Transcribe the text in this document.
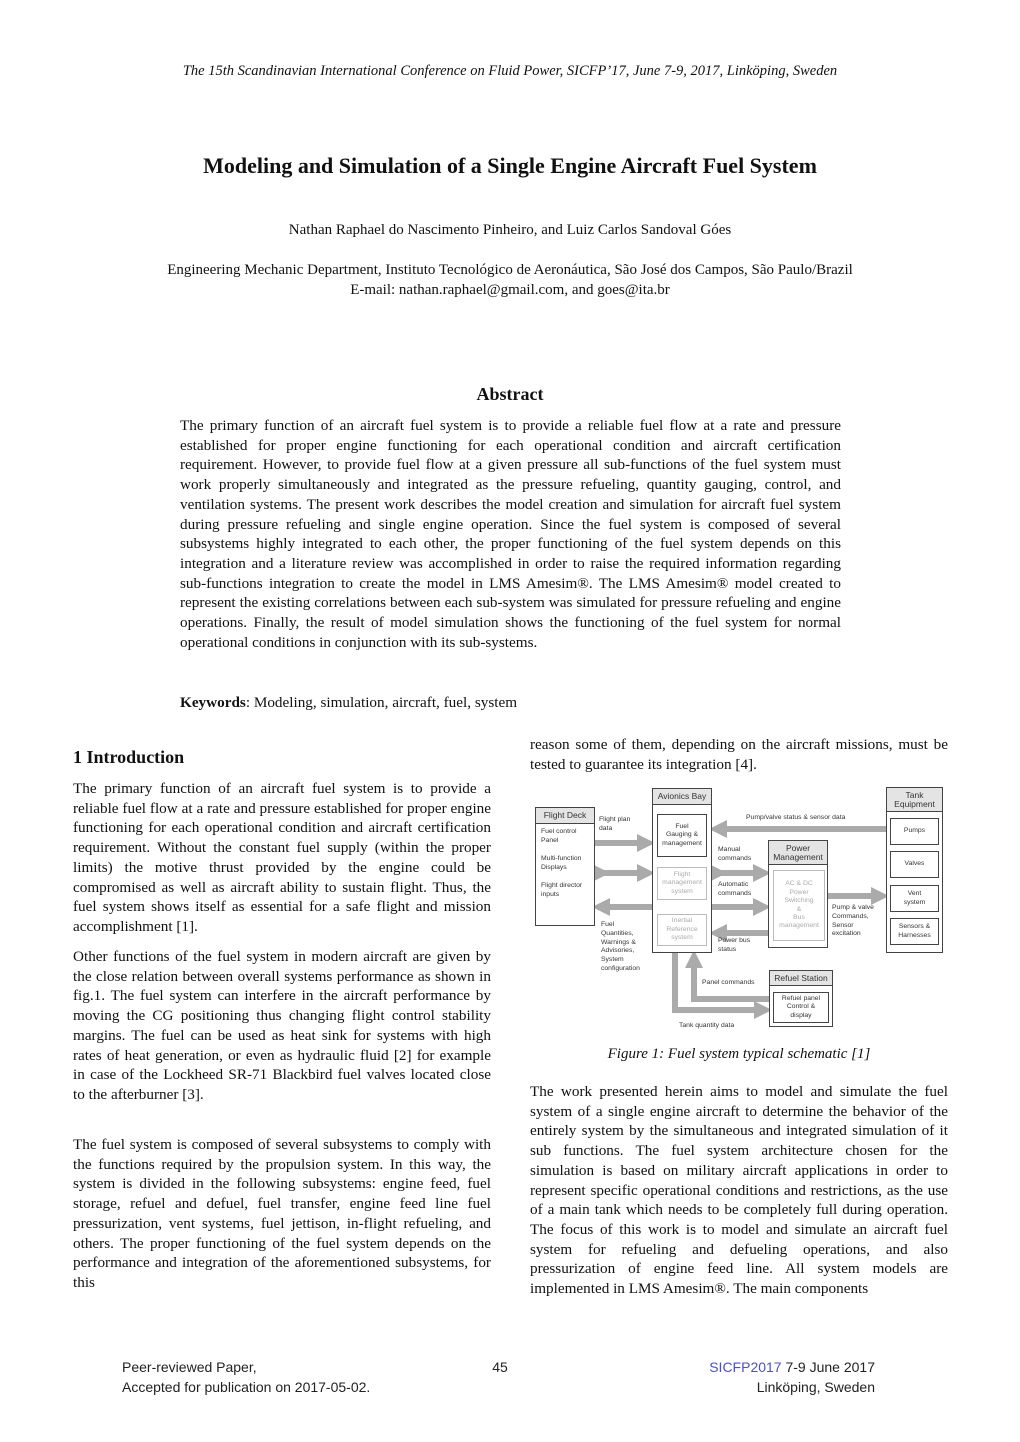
The 15th Scandinavian International Conference on Fluid Power, SICFP’17, June 7-9, 2017, Linköping, Sweden
Modeling and Simulation of a Single Engine Aircraft Fuel System
Nathan Raphael do Nascimento Pinheiro, and Luiz Carlos Sandoval Góes
Engineering Mechanic Department, Instituto Tecnológico de Aeronáutica, São José dos Campos, São Paulo/Brazil
E-mail: nathan.raphael@gmail.com, and goes@ita.br
Abstract
The primary function of an aircraft fuel system is to provide a reliable fuel flow at a rate and pressure established for proper engine functioning for each operational condition and aircraft certification requirement. However, to provide fuel flow at a given pressure all sub-functions of the fuel system must work properly simultaneously and integrated as the pressure refueling, quantity gauging, control, and ventilation systems. The present work describes the model creation and simulation for aircraft fuel system during pressure refueling and single engine operation. Since the fuel system is composed of several subsystems highly integrated to each other, the proper functioning of the fuel system depends on this integration and a literature review was accomplished in order to raise the required information regarding sub-functions integration to create the model in LMS Amesim®. The LMS Amesim® model created to represent the existing correlations between each sub-system was simulated for pressure refueling and engine operations. Finally, the result of model simulation shows the functioning of the fuel system for normal operational conditions in conjunction with its sub-systems.
Keywords: Modeling, simulation, aircraft, fuel, system
1 Introduction
The primary function of an aircraft fuel system is to provide a reliable fuel flow at a rate and pressure established for proper engine functioning for each operational condition and aircraft certification requirement. Without the constant fuel supply (within the proper limits) the motive thrust provided by the engine could be compromised as well as aircraft ability to sustain flight. Thus, the fuel system shows itself as essential for a safe flight and mission accomplishment [1].
Other functions of the fuel system in modern aircraft are given by the close relation between overall systems performance as shown in fig.1. The fuel system can interfere in the aircraft performance by moving the CG positioning thus changing flight control stability margins. The fuel can be used as heat sink for systems with high rates of heat generation, or even as hydraulic fluid [2] for example in case of the Lockheed SR-71 Blackbird fuel valves located close to the afterburner [3].
The fuel system is composed of several subsystems to comply with the functions required by the propulsion system. In this way, the system is divided in the following subsystems: engine feed, fuel storage, refuel and defuel, fuel transfer, engine feed line fuel pressurization, vent systems, fuel jettison, in-flight refueling, and others. The proper functioning of the fuel system depends on the performance and integration of the aforementioned subsystems, for this
reason some of them, depending on the aircraft missions, must be tested to guarantee its integration [4].
The work presented herein aims to model and simulate the fuel system of a single engine aircraft to determine the behavior of the entirely system by the simultaneous and integrated simulation of it sub functions. The fuel system architecture chosen for the simulation is based on military aircraft applications in order to represent specific operational conditions and restrictions, as the use of a main tank which needs to be completely full during operation. The focus of this work is to model and simulate an aircraft fuel system for refueling and defueling operations, and also pressurization of engine feed line. All system models are implemented in LMS Amesim®. The main components
Flight Deck
Fuel control
Panel
Multi-function
Displays
Flight director
inputs
Avionics Bay
Fuel
Gauging &
management
Flight
management
system
Inertial
Reference
system
Power
Management
AC & DC
Power
Switching
&
Bus
management
Tank
Equipment
Pumps
Valves
Vent
system
Sensors &
Harnesses
Refuel Station
Refuel panel
Control &
display
Flight plan
data
Fuel
Quantities,
Warnings &
Advisories,
System
configuration
Pump/valve status & sensor data
Manual
commands
Automatic
commands
Power bus
status
Pump & valve
Commands,
Sensor
excitation
Panel commands
Tank quantity data
Figure 1: Fuel system typical schematic [1]
Peer-reviewed Paper,
Accepted for publication on 2017-05-02.
45	SICFP2017 7-9 June 2017
Linköping, Sweden
